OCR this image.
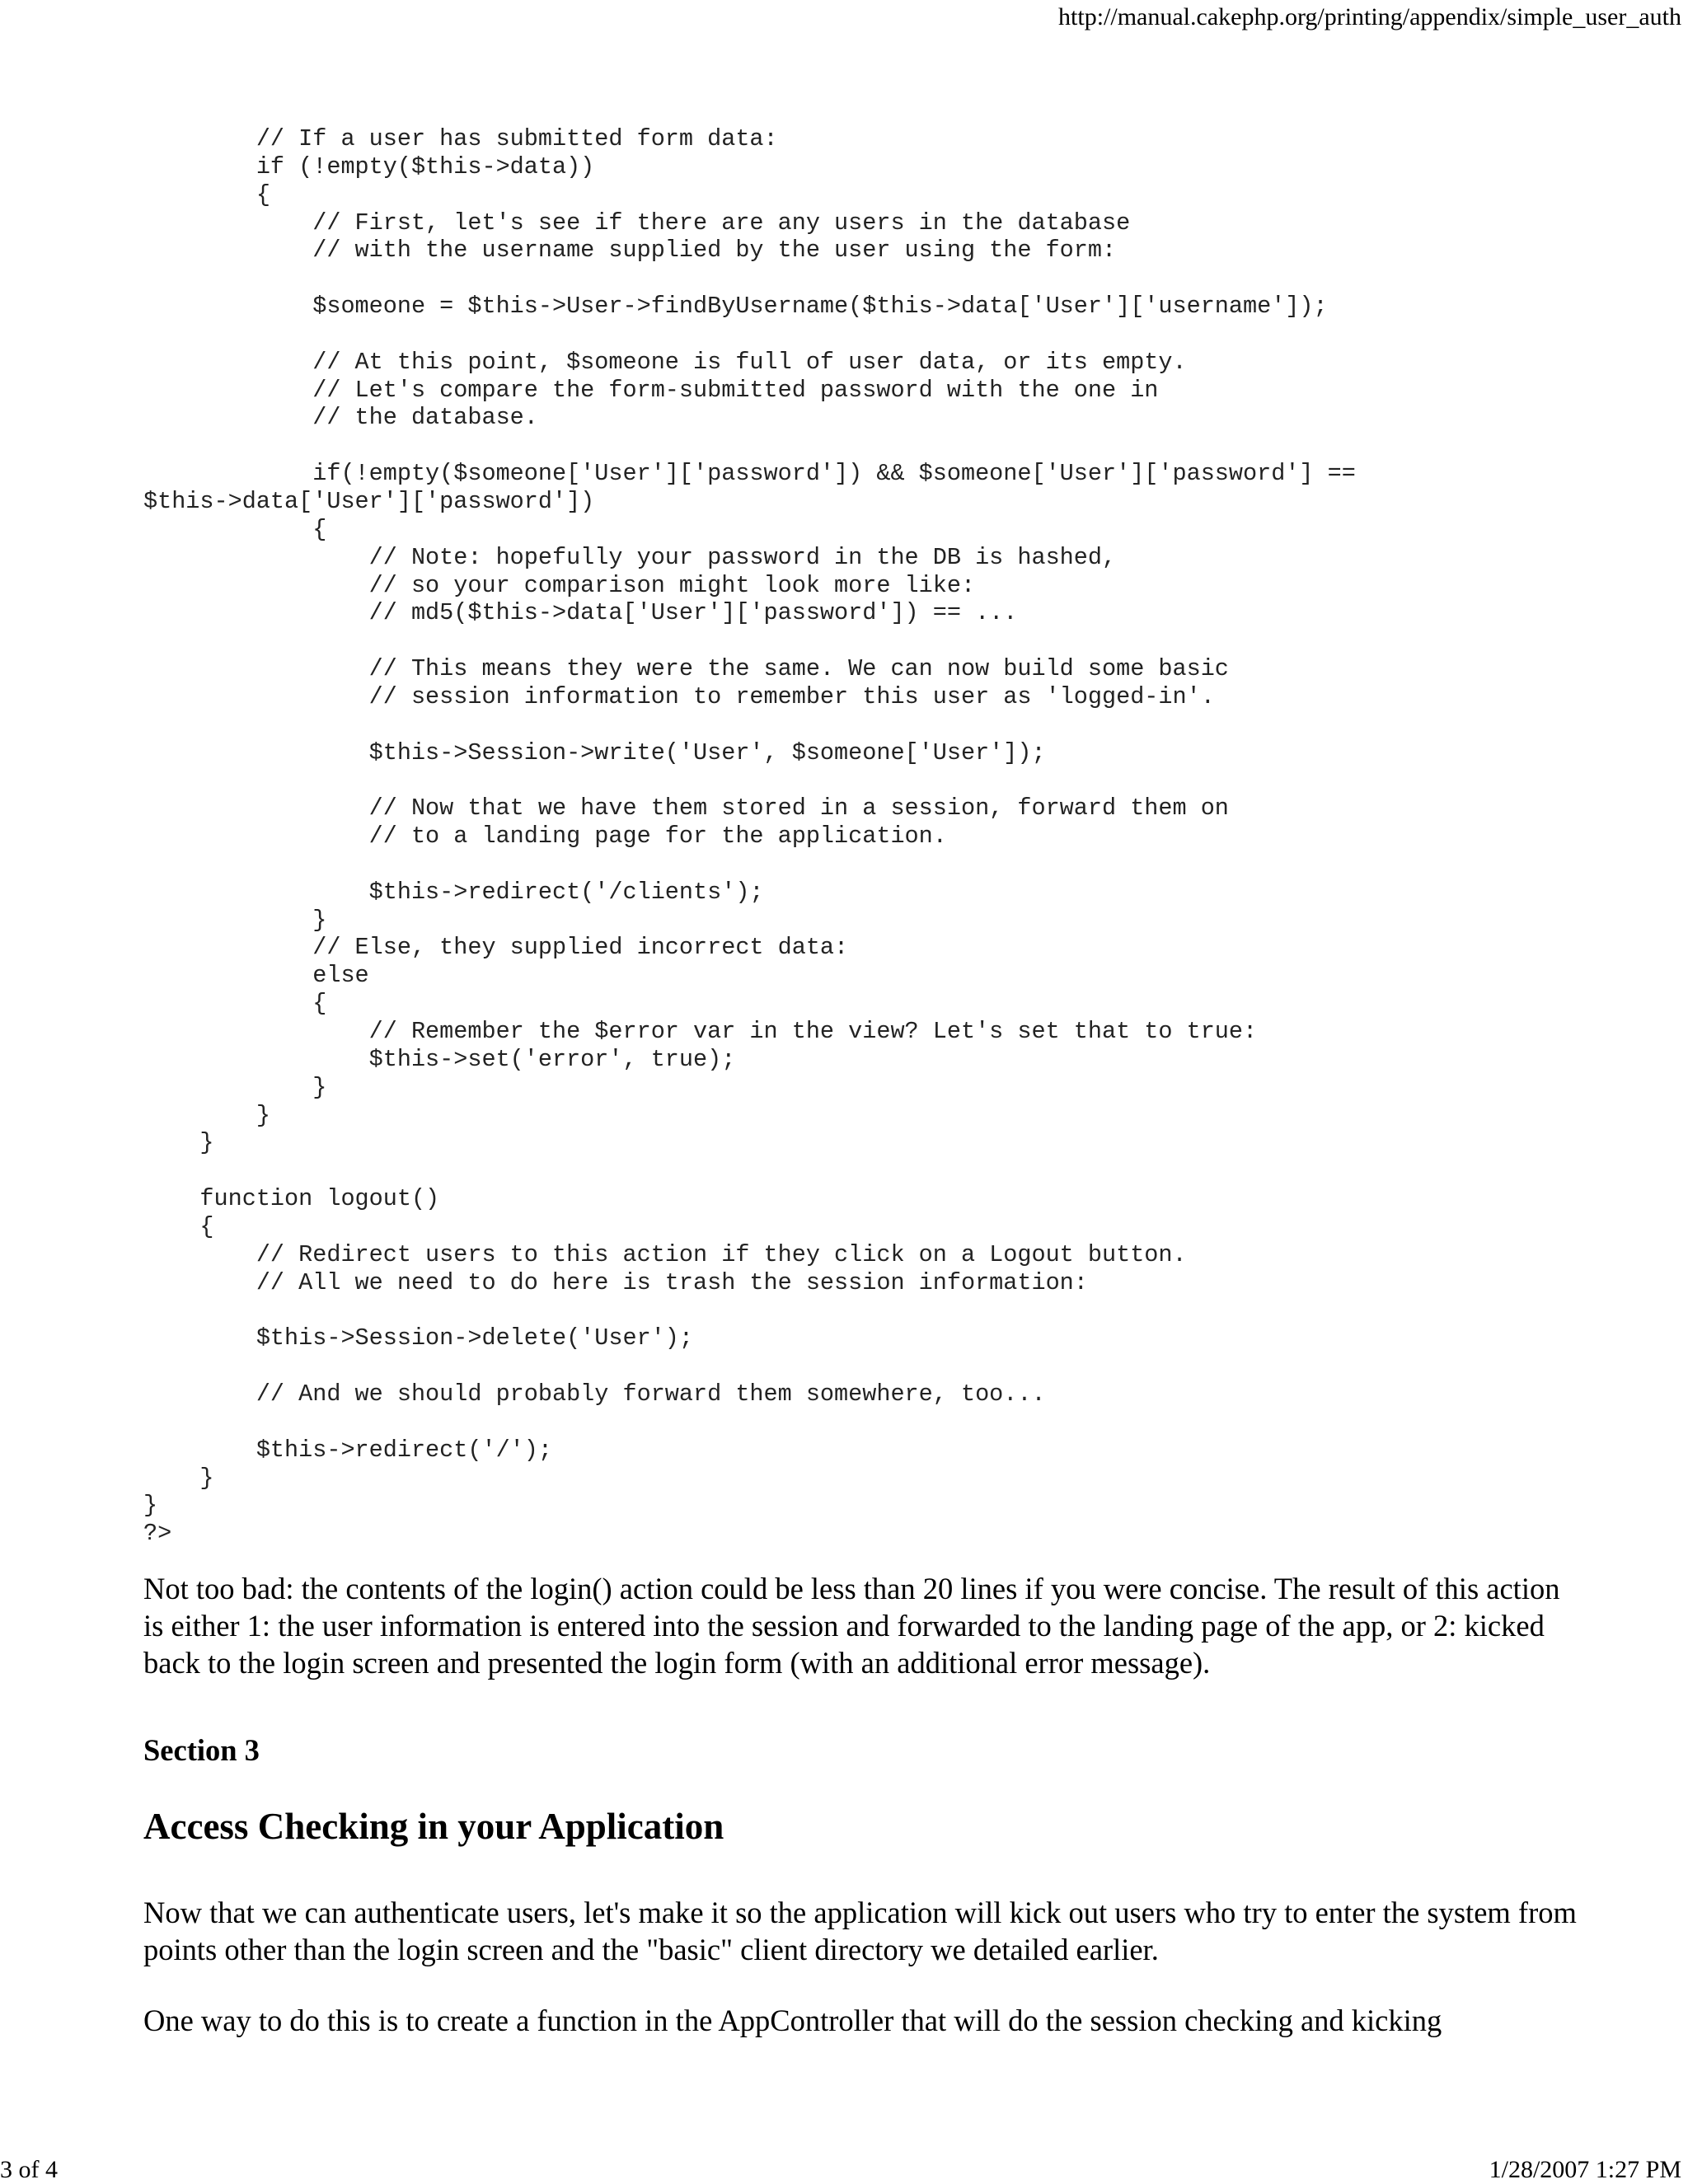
http://manual.cakephp.org/printing/appendix/simple_user_auth
// If a user has submitted form data:
if (!empty($this->data))
{
// First, let's see if there are any users in the database
// with the username supplied by the user using the form:
$someone = $this->User->findByUsername($this->data['User']['username']);
// At this point, $someone is full of user data, or its empty.
// Let's compare the form-submitted password with the one in
// the database.
if(!empty($someone['User']['password']) && $someone['User']['password'] ==
$this->data['User']['password'])
{
// Note: hopefully your password in the DB is hashed,
// so your comparison might look more like:
// md5($this->data['User']['password']) == ...
// This means they were the same. We can now build some basic
// session information to remember this user as 'logged-in'.
$this->Session->write('User', $someone['User']);
// Now that we have them stored in a session, forward them on
// to a landing page for the application.
$this->redirect('/clients');
}
// Else, they supplied incorrect data:
else
{
// Remember the $error var in the view? Let's set that to true:
$this->set('error', true);
}
}
}
function logout()
{
// Redirect users to this action if they click on a Logout button.
// All we need to do here is trash the session information:
$this->Session->delete('User');
// And we should probably forward them somewhere, too...
$this->redirect('/');
}
}
?>

Not too bad: the contents of the login() action could be less than 20 lines if you were concise. The result of this action is either 1: the user information is entered into the session and forwarded to the landing page of the app, or 2: kicked back to the login screen and presented the login form (with an additional error message).

Section 3

Access Checking in your Application

Now that we can authenticate users, let's make it so the application will kick out users who try to enter the system from points other than the login screen and the "basic" client directory we detailed earlier.

One way to do this is to create a function in the AppController that will do the session checking and kicking

3 of 4	1/28/2007 1:27 PM
